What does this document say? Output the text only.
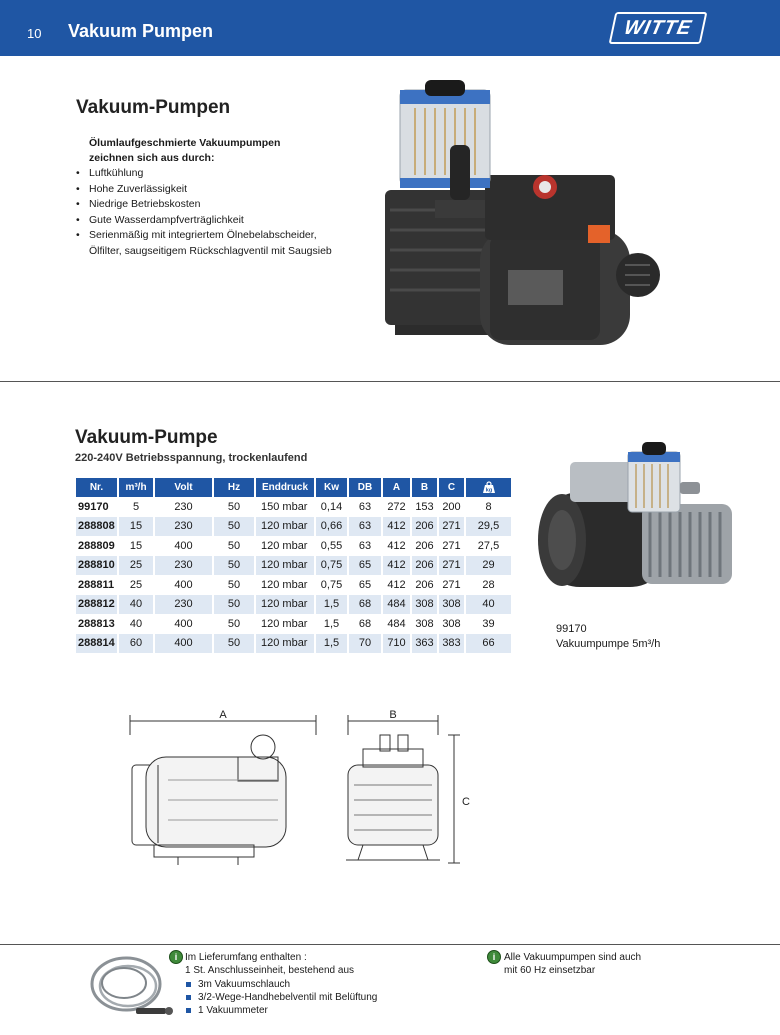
10 Vakuum Pumpen	WITTE
Vakuum-Pumpen
Ölumlaufgeschmierte Vakuumpumpen
zeichnen sich aus durch:
• Luftkühlung
• Hohe Zuverlässigkeit
• Niedrige Betriebskosten
• Gute Wasserdampfverträglichkeit
• Serienmäßig mit integriertem Ölnebelabscheider, Ölfilter, saugseitigem Rückschlagventil mit Saugsieb
Vakuum-Pumpe
220-240V Betriebsspannung, trockenlaufend
Nr.	m³/h	Volt	Hz	Enddruck	Kw	DB	A	B	C	kg

99170	5	230	50	150 mbar	0,14	63	272	153	200	8
288808	15	230	50	120 mbar	0,66	63	412	206	271	29,5
288809	15	400	50	120 mbar	0,55	63	412	206	271	27,5
288810	25	230	50	120 mbar	0,75	65	412	206	271	29
288811	25	400	50	120 mbar	0,75	65	412	206	271	28
288812	40	230	50	120 mbar	1,5	68	484	308	308	40
288813	40	400	50	120 mbar	1,5	68	484	308	308	39
288814	60	400	50	120 mbar	1,5	70	710	363	383	66
99170
Vakuumpumpe 5m³/h
A	B
C
i Im Lieferumfang enthalten :
1 St. Anschlusseinheit, bestehend aus
3m Vakuumschlauch
3/2-Wege-Handhebelventil mit Belüftung
1 Vakuummeter
i Alle Vakuumpumpen sind auch
mit 60 Hz einsetzbar
